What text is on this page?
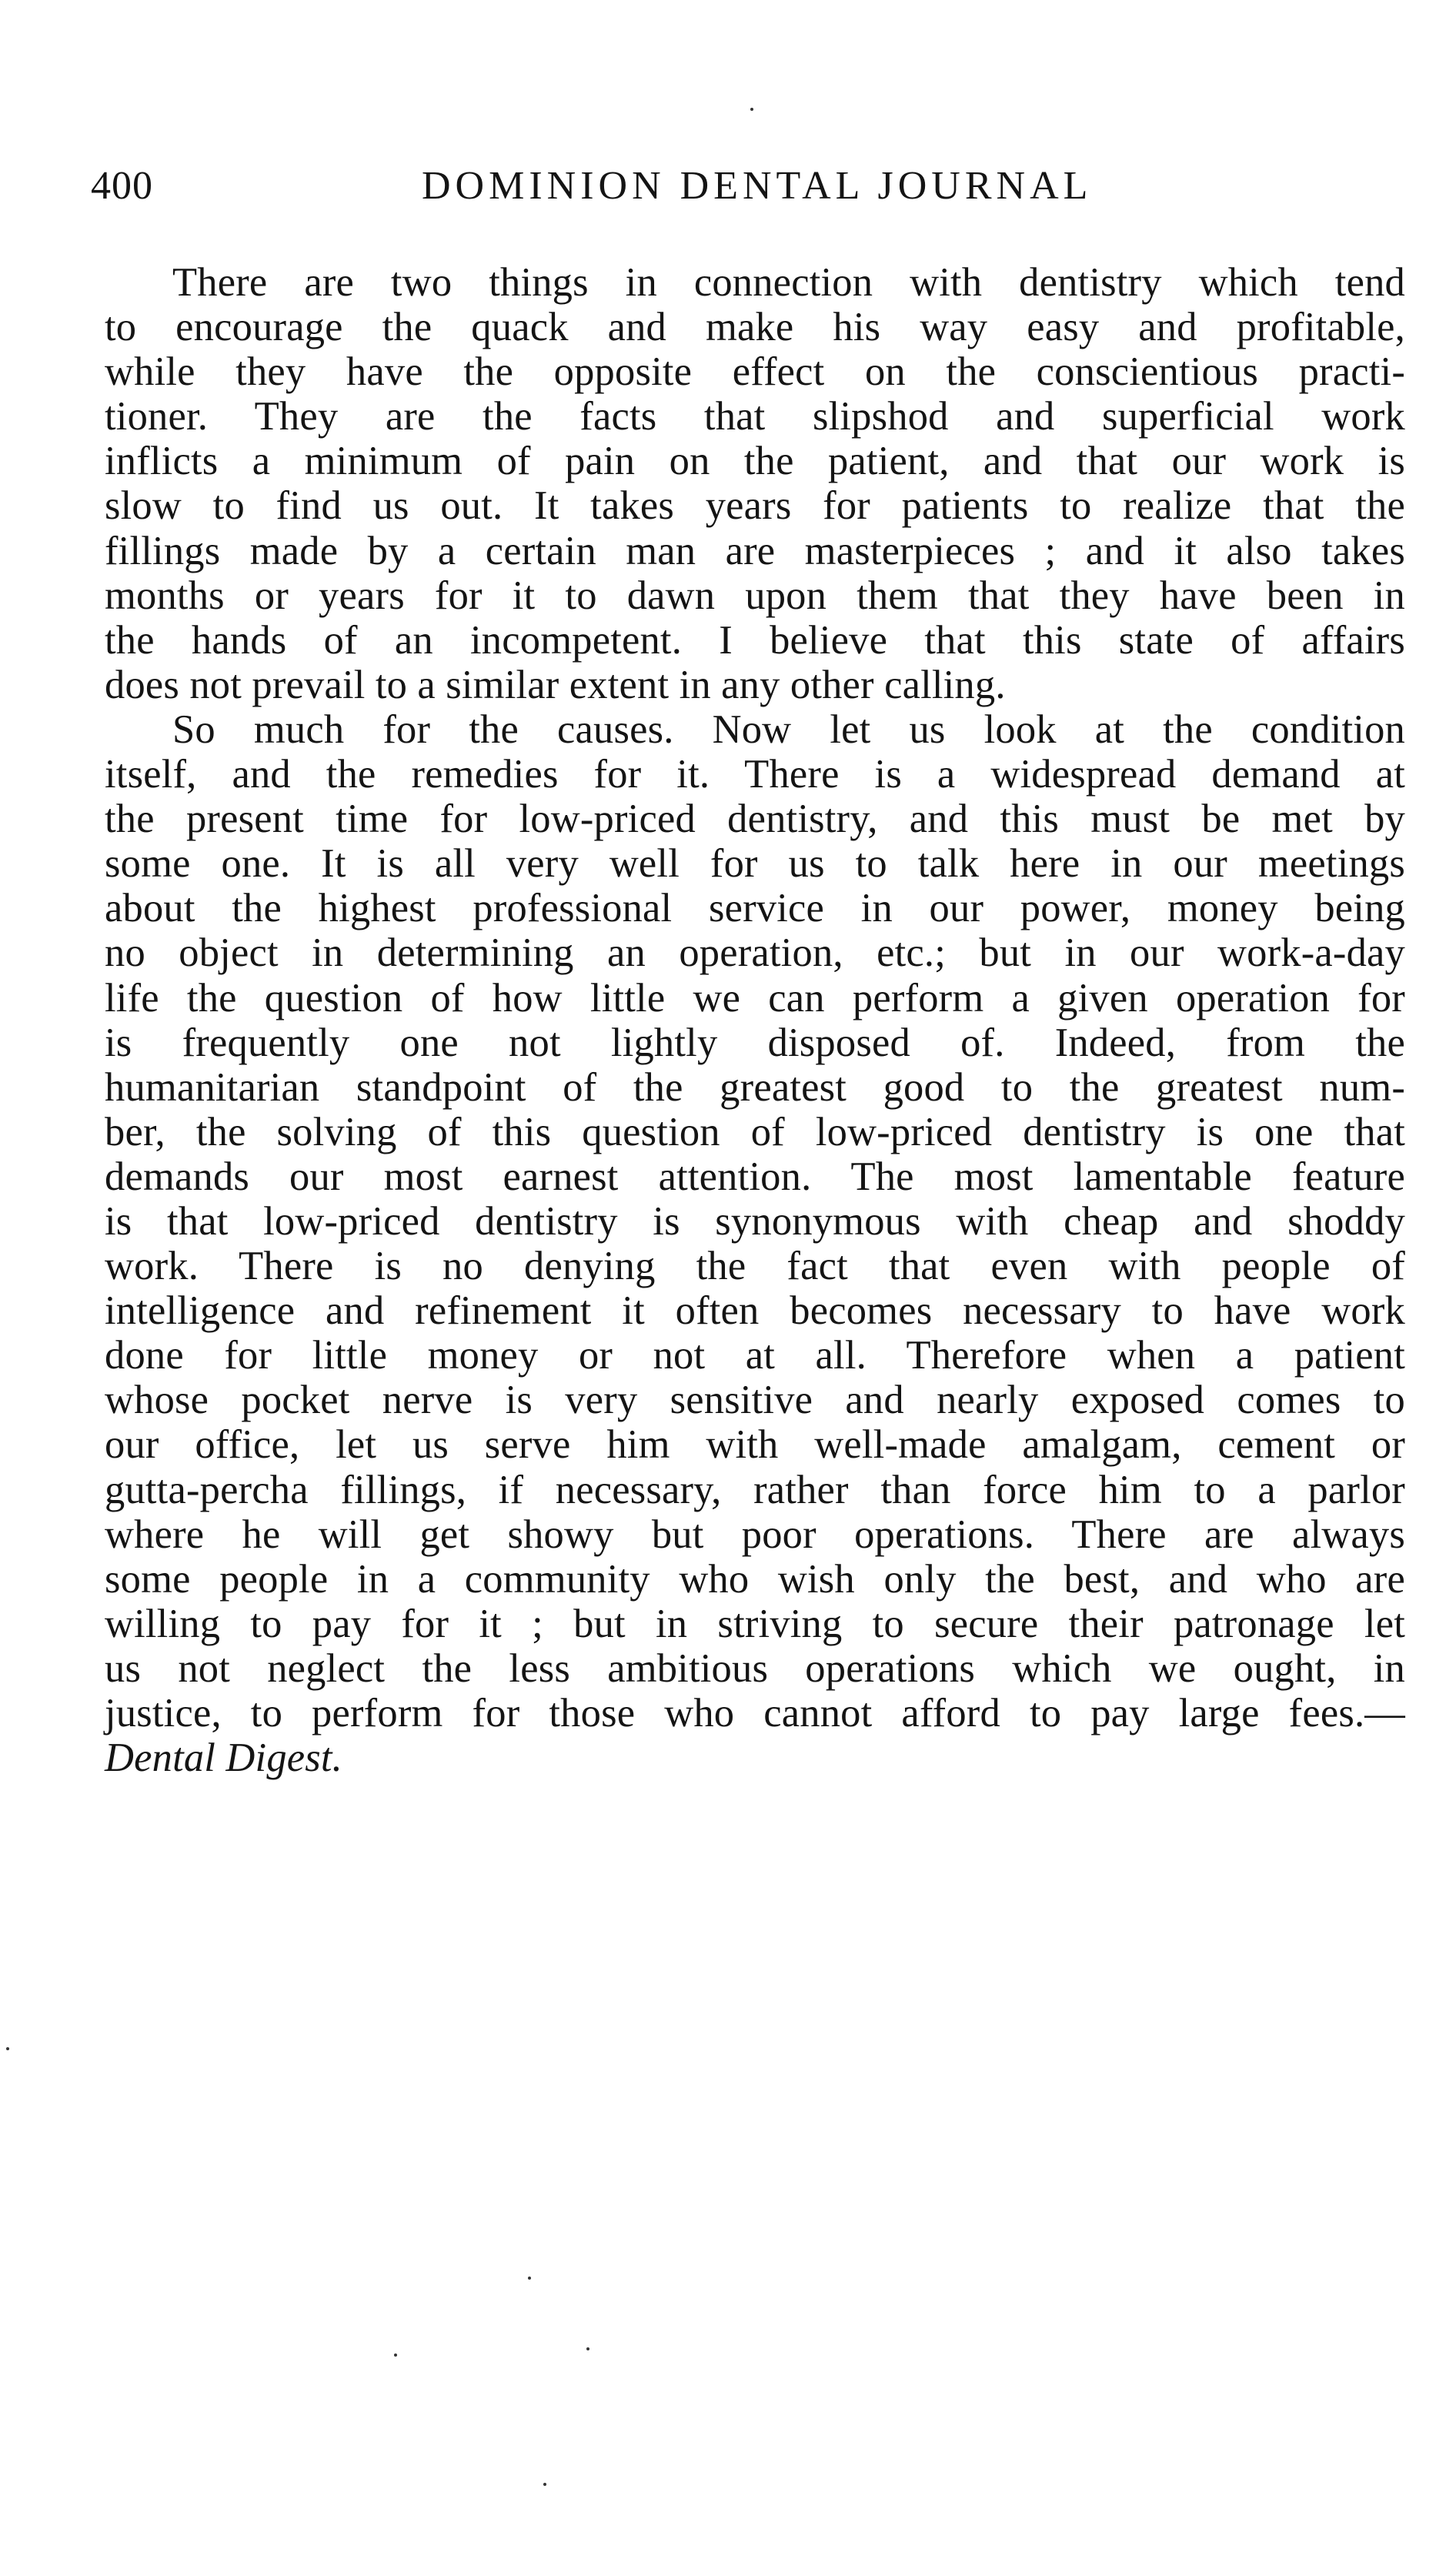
400	DOMINION DENTAL JOURNAL
There are two things in connection with dentistry which tend
to encourage the quack and make his way easy and profitable,
while they have the opposite effect on the conscientious practi-
tioner. They are the facts that slipshod and superficial work
inflicts a minimum of pain on the patient, and that our work is
slow to find us out. It takes years for patients to realize that the
fillings made by a certain man are masterpieces ; and it also takes
months or years for it to dawn upon them that they have been in
the hands of an incompetent. I believe that this state of affairs
does not prevail to a similar extent in any other calling.
So much for the causes. Now let us look at the condition
itself, and the remedies for it. There is a widespread demand at
the present time for low-priced dentistry, and this must be met by
some one. It is all very well for us to talk here in our meetings
about the highest professional service in our power, money being
no object in determining an operation, etc.; but in our work-a-day
life the question of how little we can perform a given operation for
is frequently one not lightly disposed of. Indeed, from the
humanitarian standpoint of the greatest good to the greatest num-
ber, the solving of this question of low-priced dentistry is one that
demands our most earnest attention. The most lamentable feature
is that low-priced dentistry is synonymous with cheap and shoddy
work. There is no denying the fact that even with people of
intelligence and refinement it often becomes necessary to have work
done for little money or not at all. Therefore when a patient
whose pocket nerve is very sensitive and nearly exposed comes to
our office, let us serve him with well-made amalgam, cement or
gutta-percha fillings, if necessary, rather than force him to a parlor
where he will get showy but poor operations. There are always
some people in a community who wish only the best, and who are
willing to pay for it ; but in striving to secure their patronage let
us not neglect the less ambitious operations which we ought, in
justice, to perform for those who cannot afford to pay large fees.—
Dental Digest.
